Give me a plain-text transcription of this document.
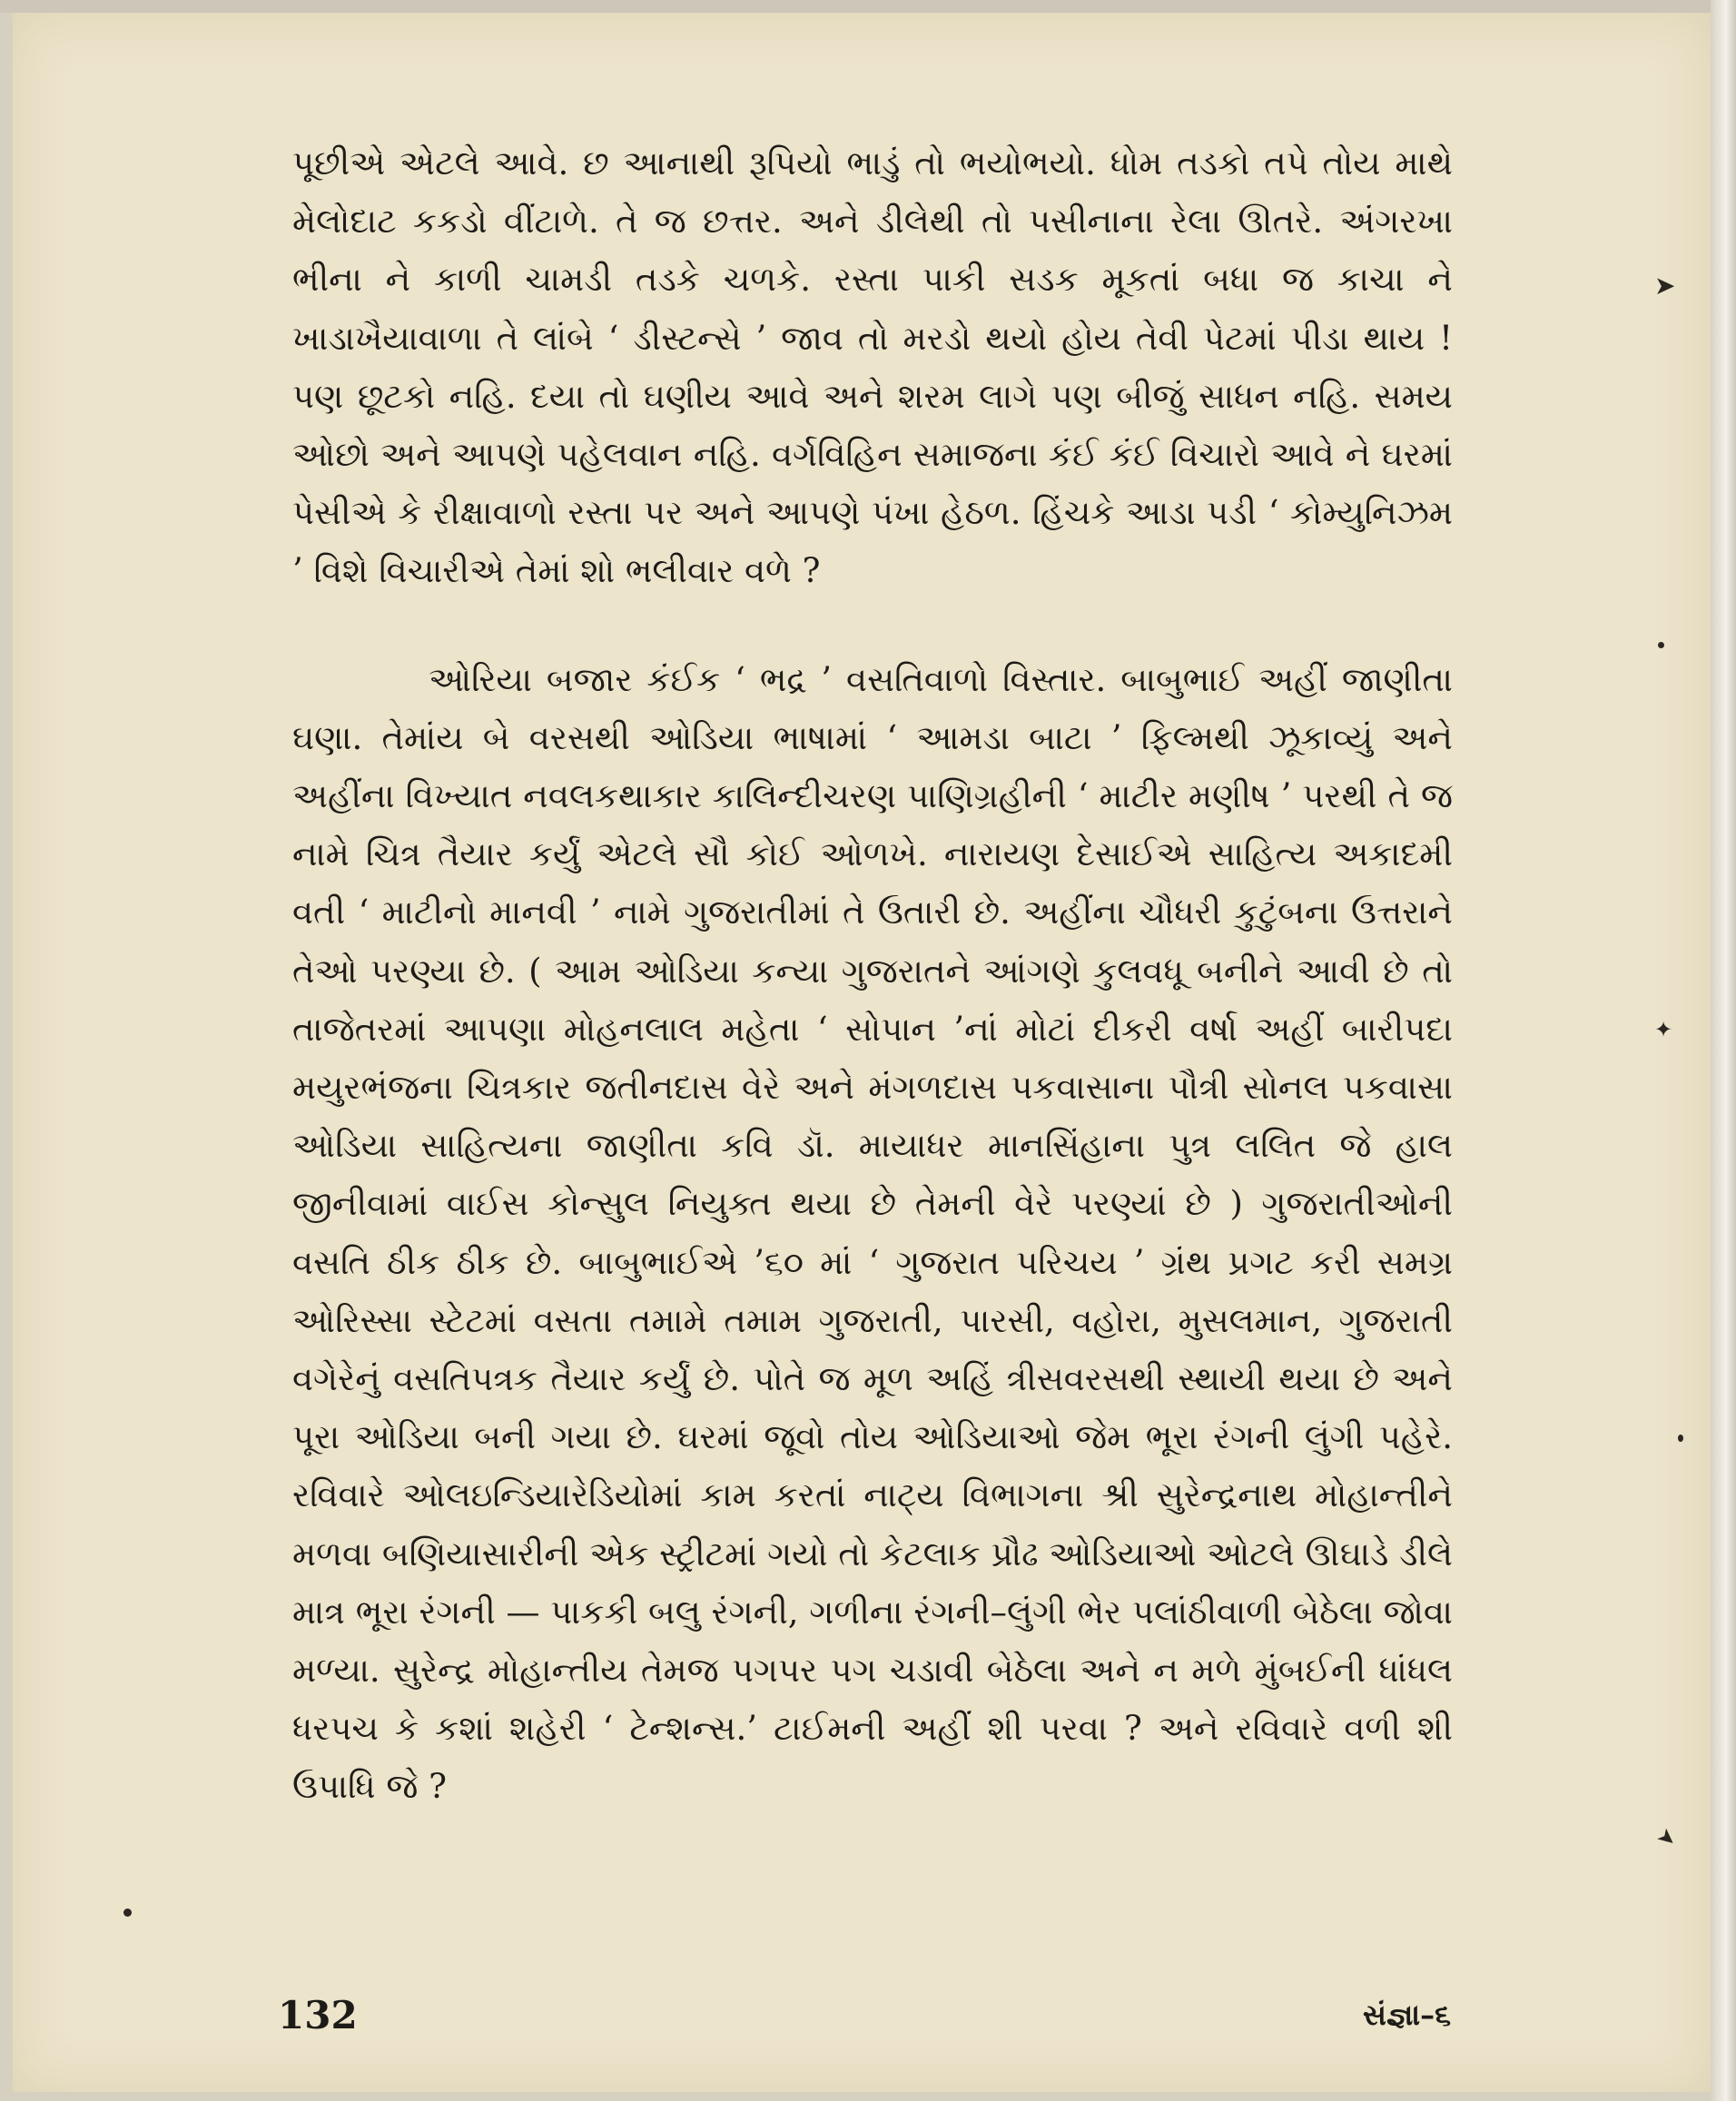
પૂછીએ એટલે આવે. છ આનાથી રૂપિયો ભાડું તો ભયોભયો. ધોમ તડકો તપે તોય માથે મેલોદાટ કકડો વીંટાળે. તે જ છત્તર. અને ડીલેથી તો પસીનાના રેલા ઊતરે. અંગરખા ભીના ને કાળી ચામડી તડકે ચળકે. રસ્તા પાકી સડક મૂકતાં બધા જ કાચા ને ખાડાખૈયાવાળા તે લાંબે ‘ ડીસ્ટન્સે ’ જાવ તો મરડો થયો હોય તેવી પેટમાં પીડા થાય ! પણ છૂટકો નહિ. દયા તો ઘણીય આવે અને શરમ લાગે પણ બીજું સાધન નહિ. સમય ઓછો અને આપણે પહેલવાન નહિ. વર્ગવિહિન સમાજના કંઈ કંઈ વિચારો આવે ને ઘરમાં પેસીએ કે રીક્ષાવાળો રસ્તા પર અને આપણે પંખા હેઠળ. હિંચકે આડા પડી ‘ કોમ્યુનિઝમ ’ વિશે વિચારીએ તેમાં શો ભલીવાર વળે ?

ઓરિયા બજાર કંઈક ‘ ભદ્ર ’ વસતિવાળો વિસ્તાર. બાબુભાઈ અહીં જાણીતા ઘણા. તેમાંય બે વરસથી ઓડિયા ભાષામાં ‘ આમડા બાટા ’ ફિલ્મથી ઝૂકાવ્યું અને અહીંના વિખ્યાત નવલકથાકાર કાલિન્દીચરણ પાણિગ્રહીની ‘ માટીર મણીષ ’ પરથી તે જ નામે ચિત્ર તૈયાર કર્યું એટલે સૌ કોઈ ઓળખે. નારાયણ દેસાઈએ સાહિત્ય અકાદમી વતી ‘ માટીનો માનવી ’ નામે ગુજરાતીમાં તે ઉતારી છે. અહીંના ચૌધરી કુટુંબના ઉત્તરાને તેઓ પરણ્યા છે. ( આમ ઓડિયા કન્યા ગુજરાતને આંગણે કુલવધૂ બનીને આવી છે તો તાજેતરમાં આપણા મોહનલાલ મહેતા ‘ સોપાન ’નાં મોટાં દીકરી વર્ષા અહીં બારીપદા મયુરભંજના ચિત્રકાર જતીનદાસ વેરે અને મંગળદાસ પકવાસાના પૌત્રી સોનલ પકવાસા ઓડિયા સાહિત્યના જાણીતા કવિ ડૉ. માયાધર માનસિંહાના પુત્ર લલિત જે હાલ જીનીવામાં વાઈસ કોન્સુલ નિયુક્ત થયા છે તેમની વેરે પરણ્યાં છે ) ગુજરાતીઓની વસતિ ઠીક ઠીક છે. બાબુભાઈએ ’૬૦ માં ‘ ગુજરાત પરિચય ’ ગ્રંથ પ્રગટ કરી સમગ્ર ઓરિસ્સા સ્ટેટમાં વસતા તમામે તમામ ગુજરાતી, પારસી, વહોરા, મુસલમાન, ગુજરાતી વગેરેનું વસતિપત્રક તૈયાર કર્યું છે. પોતે જ મૂળ અહિં ત્રીસવરસથી સ્થાયી થયા છે અને પૂરા ઓડિયા બની ગયા છે. ઘરમાં જૂવો તોય ઓડિયાઓ જેમ ભૂરા રંગની લુંગી પહેરે. રવિવારે ઓલઇન્ડિયારેડિયોમાં કામ કરતાં નાટ્ય વિભાગના શ્રી સુરેન્દ્રનાથ મોહાન્તીને મળવા બણિયાસારીની એક સ્ટ્રીટમાં ગયો તો કેટલાક પ્રૌઢ ઓડિયાઓ ઓટલે ઊઘાડે ડીલે માત્ર ભૂરા રંગની — પાકકી બલુ રંગની, ગળીના રંગની–લુંગી ભેર પલાંઠીવાળી બેઠેલા જોવા મળ્યા. સુરેન્દ્ર મોહાન્તીય તેમજ પગપર પગ ચડાવી બેઠેલા અને ન મળે મુંબઈની ધાંધલ ધરપચ કે કશાં શહેરી ‘ ટેન્શન્સ.’ ટાઈમની અહીં શી પરવા ? અને રવિવારે વળી શી ઉપાધિ જે ?

132	સંજ્ઞા–૬
➤
✦
➤
